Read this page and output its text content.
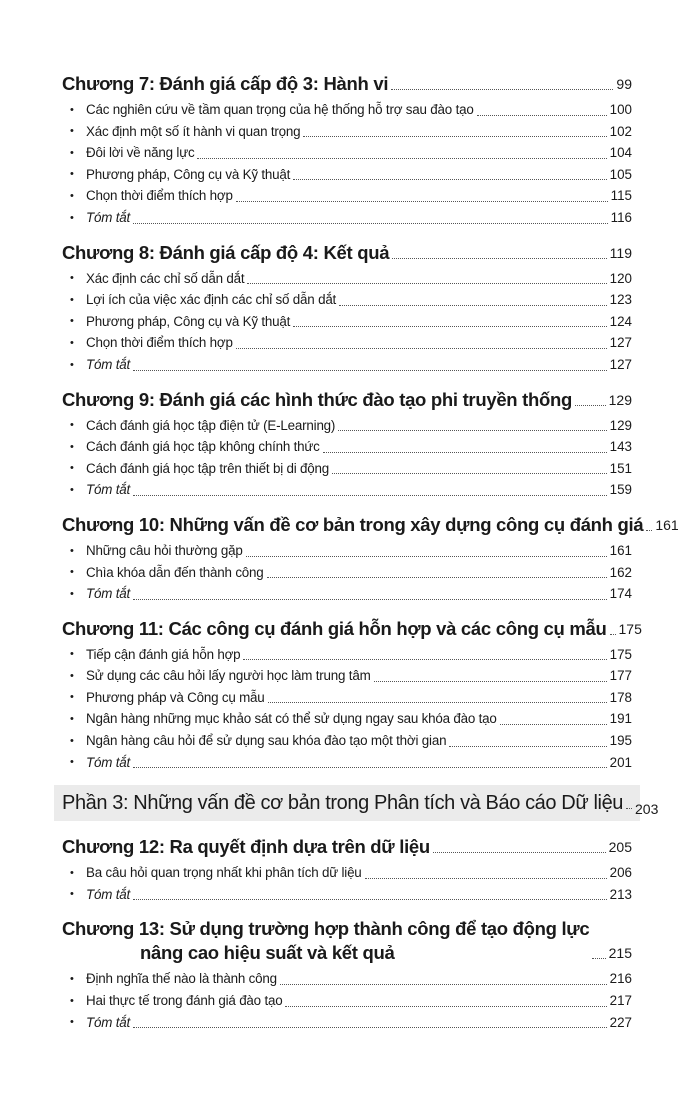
Chương 7: Đánh giá cấp độ 3: Hành vi	99
• Các nghiên cứu về tầm quan trọng của hệ thống hỗ trợ sau đào tạo	100
• Xác định một số ít hành vi quan trọng	102
• Đôi lời về năng lực	104
• Phương pháp, Công cụ và Kỹ thuật	105
• Chọn thời điểm thích hợp	115
• Tóm tắt	116
Chương 8: Đánh giá cấp độ 4: Kết quả	119
• Xác định các chỉ số dẫn dắt	120
• Lợi ích của việc xác định các chỉ số dẫn dắt	123
• Phương pháp, Công cụ và Kỹ thuật	124
• Chọn thời điểm thích hợp	127
• Tóm tắt	127
Chương 9: Đánh giá các hình thức đào tạo phi truyền thống	129
• Cách đánh giá học tập điện tử (E-Learning)	129
• Cách đánh giá học tập không chính thức	143
• Cách đánh giá học tập trên thiết bị di động	151
• Tóm tắt	159
Chương 10: Những vấn đề cơ bản trong xây dựng công cụ đánh giá 161
• Những câu hỏi thường gặp	161
• Chìa khóa dẫn đến thành công	162
• Tóm tắt	174
Chương 11: Các công cụ đánh giá hỗn hợp và các công cụ mẫu 175
• Tiếp cận đánh giá hỗn hợp	175
• Sử dụng các câu hỏi lấy người học làm trung tâm	177
• Phương pháp và Công cụ mẫu	178
• Ngân hàng những mục khảo sát có thể sử dụng ngay sau khóa đào tạo	191
• Ngân hàng câu hỏi để sử dụng sau khóa đào tạo một thời gian	195
• Tóm tắt	201
Phần 3: Những vấn đề cơ bản trong Phân tích và Báo cáo Dữ liệu 203
Chương 12: Ra quyết định dựa trên dữ liệu	205
• Ba câu hỏi quan trọng nhất khi phân tích dữ liệu	206
• Tóm tắt	213
Chương 13: Sử dụng trường hợp thành công để tạo động lực
nâng cao hiệu suất và kết quả	215
• Định nghĩa thế nào là thành công	216
• Hai thực tế trong đánh giá đào tạo	217
• Tóm tắt	227
